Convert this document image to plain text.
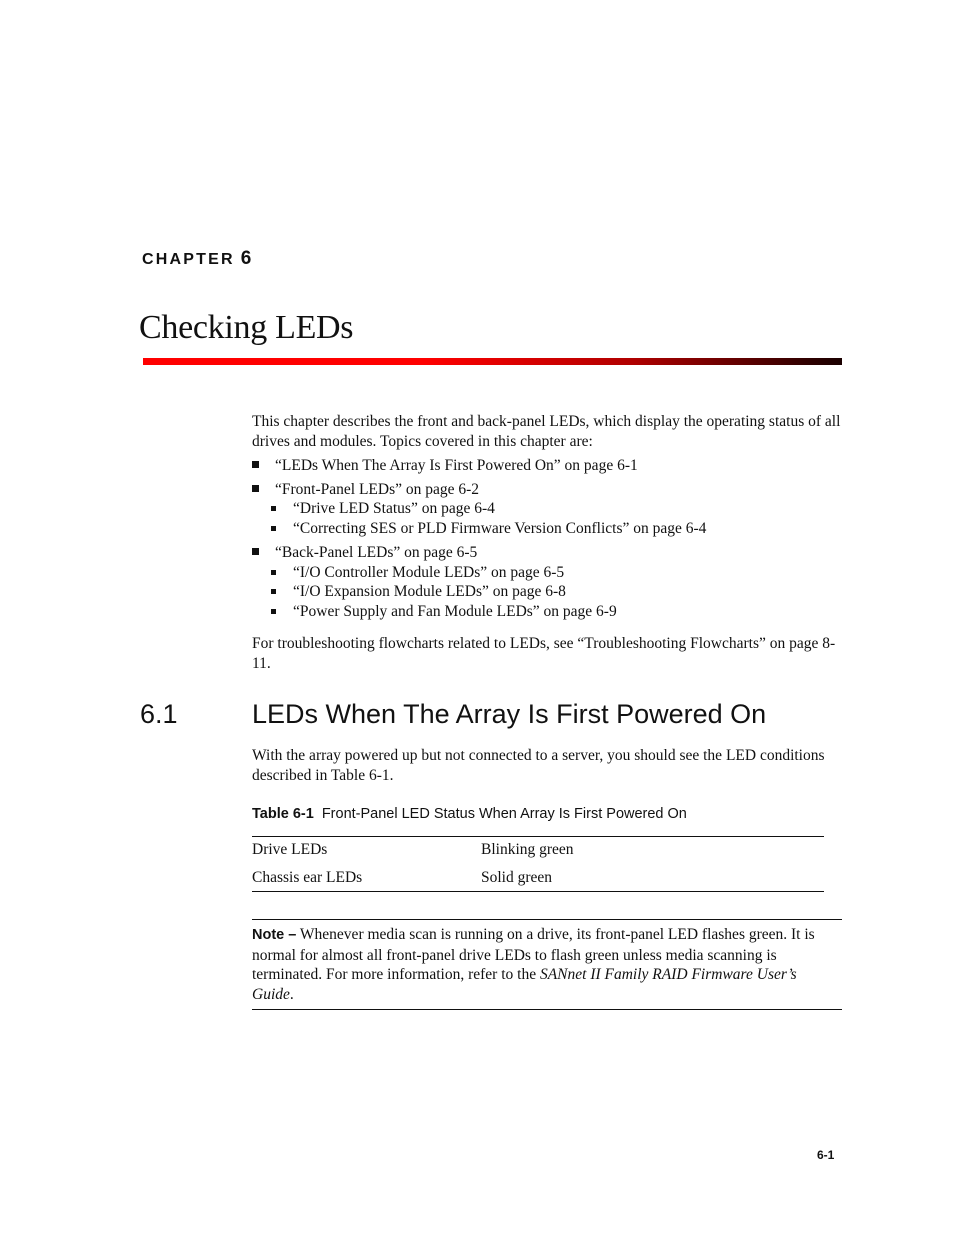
CHAPTER 6
Checking LEDs
This chapter describes the front and back-panel LEDs, which display the operating status of all drives and modules. Topics covered in this chapter are:
“LEDs When The Array Is First Powered On” on page 6-1
“Front-Panel LEDs” on page 6-2
“Drive LED Status” on page 6-4
“Correcting SES or PLD Firmware Version Conflicts” on page 6-4
“Back-Panel LEDs” on page 6-5
“I/O Controller Module LEDs” on page 6-5
“I/O Expansion Module LEDs” on page 6-8
“Power Supply and Fan Module LEDs” on page 6-9
For troubleshooting flowcharts related to LEDs, see “Troubleshooting Flowcharts” on page 8-11.
6.1	LEDs When The Array Is First Powered On
With the array powered up but not connected to a server, you should see the LED conditions described in Table 6-1.
Table 6-1 Front-Panel LED Status When Array Is First Powered On
Drive LEDs	Blinking green
Chassis ear LEDs	Solid green
Note – Whenever media scan is running on a drive, its front-panel LED flashes green. It is normal for almost all front-panel drive LEDs to flash green unless media scanning is terminated. For more information, refer to the SANnet II Family RAID Firmware User’s Guide.
6-1
